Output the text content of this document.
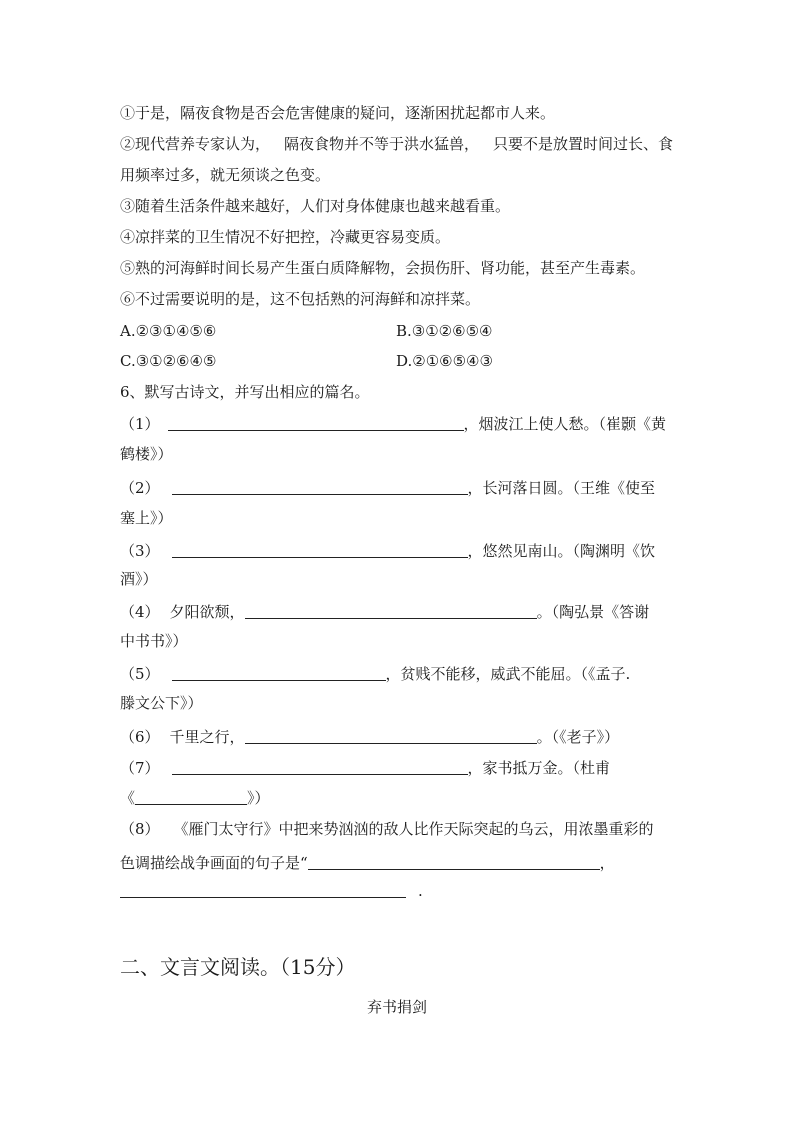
①于是，隔夜食物是否会危害健康的疑问，逐渐困扰起都市人来。
②现代营养专家认为， 隔夜食物并不等于洪水猛兽， 只要不是放置时间过长、食
用频率过多，就无须谈之色变。
③随着生活条件越来越好，人们对身体健康也越来越看重。
④凉拌菜的卫生情况不好把控，冷藏更容易变质。
⑤熟的河海鲜时间长易产生蛋白质降解物，会损伤肝、肾功能，甚至产生毒素。
⑥不过需要说明的是，这不包括熟的河海鲜和凉拌菜。
A.②③①④⑤⑥	B.③①②⑥⑤④
C.③①②⑥④⑤	D.②①⑥⑤④③
6、默写古诗文，并写出相应的篇名。
（1）	，烟波江上使人愁。（崔颢《黄
鹤楼》）
（2）	，长河落日圆。（王维《使至
塞上》）
（3）	，悠然见南山。（陶渊明《饮
酒》）
（4） 夕阳欲颓，	。（陶弘景《答谢
中书书》）
（5）	，贫贱不能移，威武不能屈。（《孟子.
滕文公下》）
（6） 千里之行，	。（《老子》）
（7）	，家书抵万金。（杜甫
《	》）
（8） 《雁门太守行》中把来势汹汹的敌人比作天际突起的乌云，用浓墨重彩的
色调描绘战争画面的句子是“	，
.
二、文言文阅读。（15分）
弃书捐剑
